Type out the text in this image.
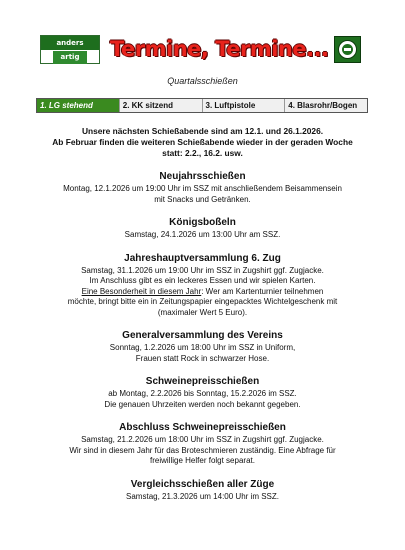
anders
artig	Termine, Termine...
Quartalsschießen
1. LG stehend	2. KK sitzend	3. Luftpistole	4. Blasrohr/Bogen
Unsere nächsten Schießabende sind am 12.1. und 26.1.2026.
Ab Februar finden die weiteren Schießabende wieder in der geraden Woche
statt: 2.2., 16.2. usw.
Neujahrsschießen

Montag, 12.1.2026 um 19:00 Uhr im SSZ mit anschließendem Beisammensein
mit Snacks und Getränken.

Königsboßeln

Samstag, 24.1.2026 um 13:00 Uhr am SSZ.

Jahreshauptversammlung 6. Zug

Samstag, 31.1.2026 um 19:00 Uhr im SSZ in Zugshirt ggf. Zugjacke.
Im Anschluss gibt es ein leckeres Essen und wir spielen Karten.
Eine Besonderheit in diesem Jahr: Wer am Kartenturnier teilnehmen
möchte, bringt bitte ein in Zeitungspapier eingepacktes Wichtelgeschenk mit
(maximaler Wert 5 Euro).

Generalversammlung des Vereins

Sonntag, 1.2.2026 um 18:00 Uhr im SSZ in Uniform,
Frauen statt Rock in schwarzer Hose.

Schweinepreisschießen

ab Montag, 2.2.2026 bis Sonntag, 15.2.2026 im SSZ.
Die genauen Uhrzeiten werden noch bekannt gegeben.

Abschluss Schweinepreisschießen

Samstag, 21.2.2026 um 18:00 Uhr im SSZ in Zugshirt ggf. Zugjacke.
Wir sind in diesem Jahr für das Broteschmieren zuständig. Eine Abfrage für
freiwillige Helfer folgt separat.

Vergleichsschießen aller Züge

Samstag, 21.3.2026 um 14:00 Uhr im SSZ.
